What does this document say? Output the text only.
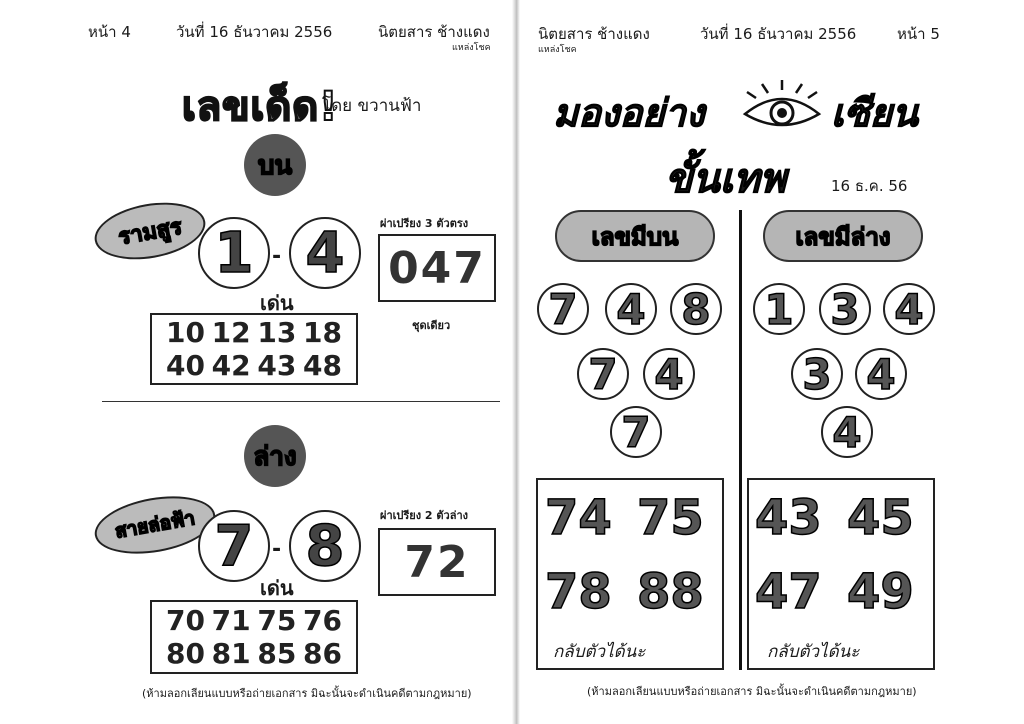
หน้า 4	วันที่ 16 ธันวาคม 2556	นิตยสาร ช้างแดง
แหล่งโชค
เลขเด็ด!
โดย ขวานฟ้า
บน
รามสูร 1 - 4
เด่น
10 12 13 18
40 42 43 48
ผ่าเปรียง 3 ตัวตรง
047
ชุดเดียว
ล่าง
สายล่อฟ้า 7 - 8
เด่น
70 71 75 76
80 81 85 86
ผ่าเปรียง 2 ตัวล่าง
72
(ห้ามลอกเลียนแบบหรือถ่ายเอกสาร มิฉะนั้นจะดำเนินคดีตามกฎหมาย)
นิตยสาร ช้างแดง
แหล่งโชค
วันที่ 16 ธันวาคม 2556	หน้า 5
มองอย่าง	เซียน
ขั้นเทพ	16 ธ.ค. 56
เลขมีบน
7 4 8
7 4
7
เลขมีล่าง
1 3 4
3 4
4
74 75
78 88
กลับตัวได้นะ
43 45
47 49
กลับตัวได้นะ
(ห้ามลอกเลียนแบบหรือถ่ายเอกสาร มิฉะนั้นจะดำเนินคดีตามกฎหมาย)
